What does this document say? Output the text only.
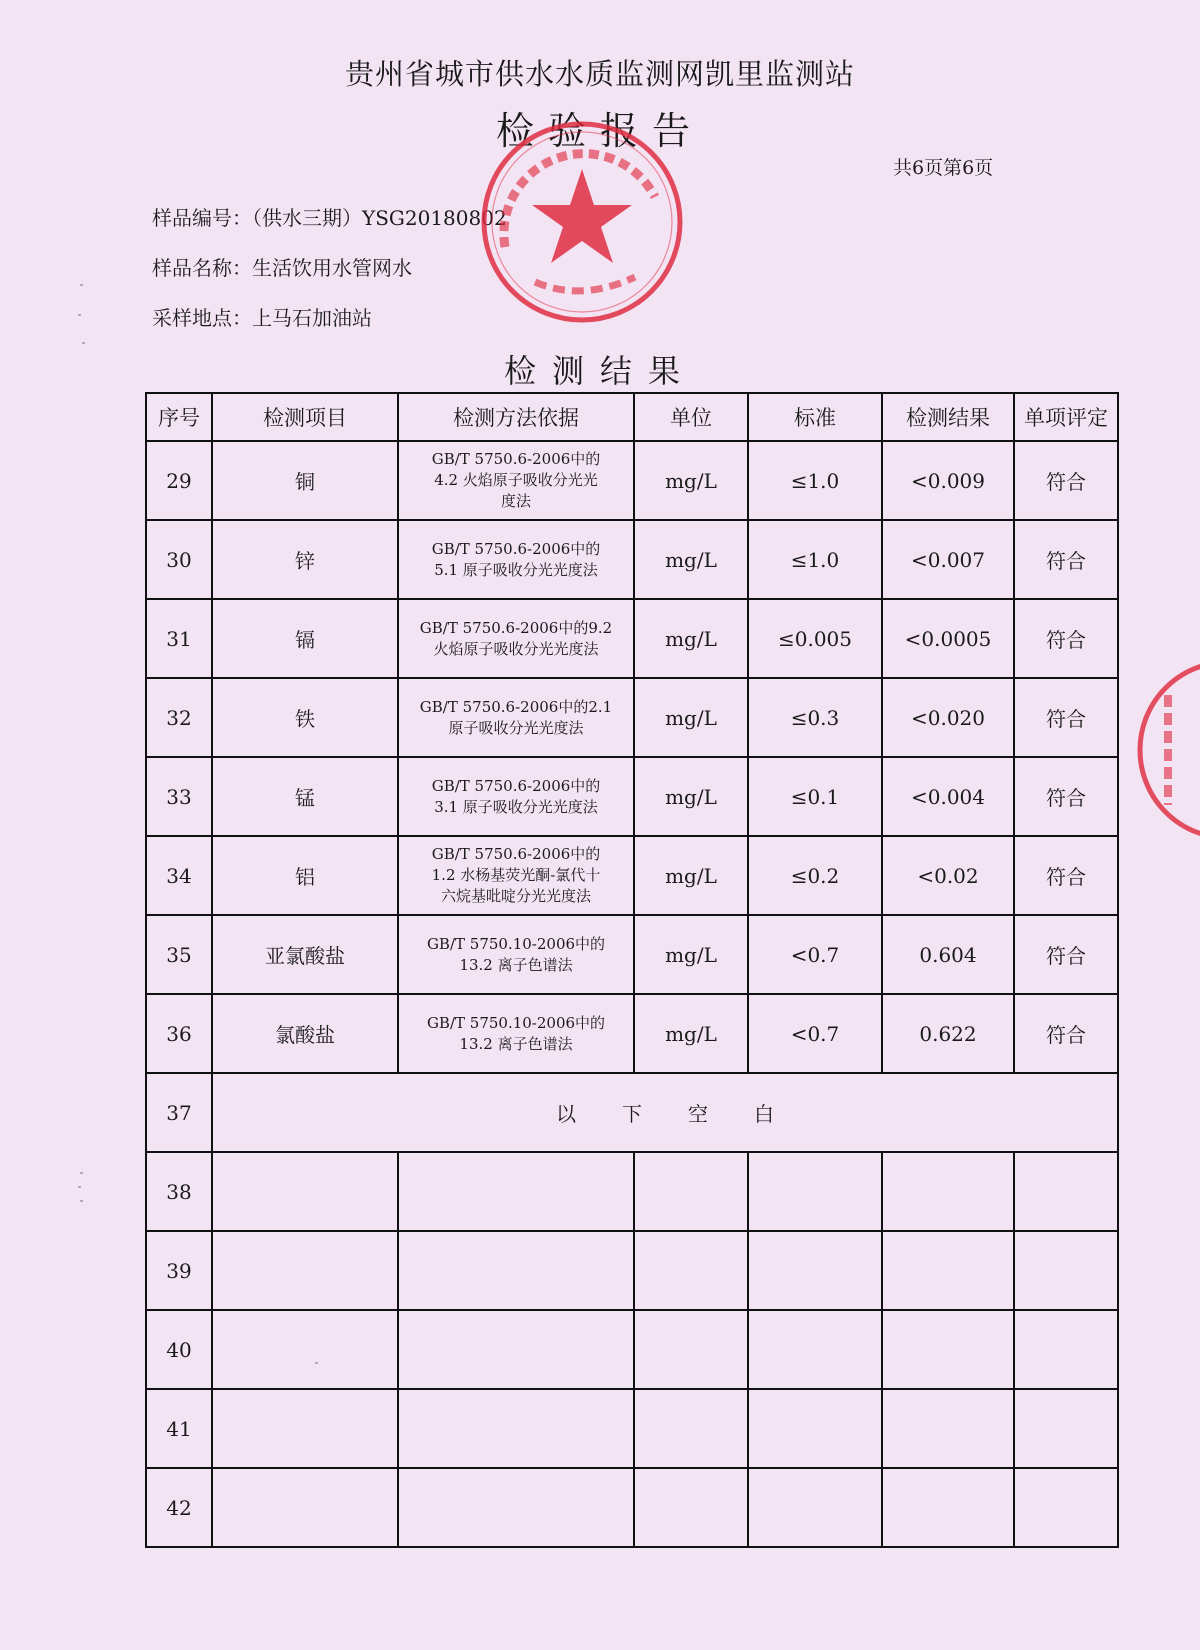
贵州省城市供水水质监测网凯里监测站
检验报告
共6页第6页
样品编号：（供水三期）YSG20180802
样品名称：生活饮用水管网水
采样地点：上马石加油站
检测结果
序号	检测项目	检测方法依据	单位	标准	检测结果	单项评定
29	铜	GB/T 5750.6-2006中的
4.2 火焰原子吸收分光光
度法	mg/L	≤1.0	<0.009	符合
30	锌	GB/T 5750.6-2006中的
5.1 原子吸收分光光度法	mg/L	≤1.0	<0.007	符合
31	镉	GB/T 5750.6-2006中的9.2
火焰原子吸收分光光度法	mg/L	≤0.005	<0.0005	符合
32	铁	GB/T 5750.6-2006中的2.1
原子吸收分光光度法	mg/L	≤0.3	<0.020	符合
33	锰	GB/T 5750.6-2006中的
3.1 原子吸收分光光度法	mg/L	≤0.1	<0.004	符合
34	铝	GB/T 5750.6-2006中的
1.2 水杨基荧光酮-氯代十
六烷基吡啶分光光度法	mg/L	≤0.2	<0.02	符合
35	亚氯酸盐	GB/T 5750.10-2006中的
13.2 离子色谱法	mg/L	<0.7	0.604	符合
36	氯酸盐	GB/T 5750.10-2006中的
13.2 离子色谱法	mg/L	<0.7	0.622	符合
37	以下空白					
38						
39						
40						
41						
42						
